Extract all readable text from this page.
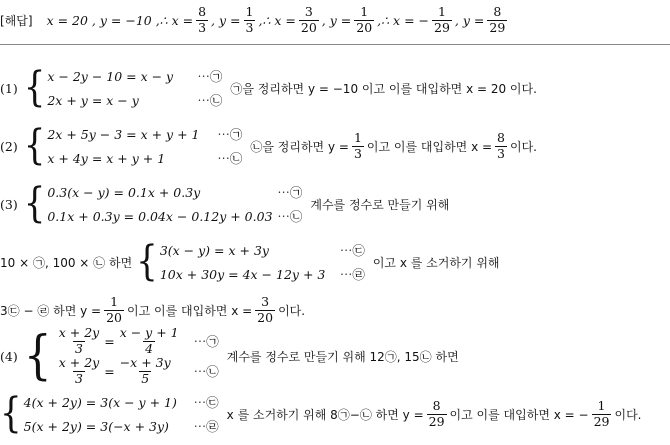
[해답] x = 20 , y = −10 ,∴ $x = \frac{8}{3}$ , $y = \frac{1}{3}$ ,∴ $x = \frac{3}{20}$ , $y = \frac{1}{20}$ ,∴ x = − $\frac{1}{29}$ , $y = \frac{8}{29}$
(1) { x − 2y − 10 = x − y	⋯㉠
2x + y = x − y	⋯㉡
㉠을 정리하면 y = −10 이고 이를 대입하면 x = 20 이다.
(2) { 2x + 5y − 3 = x + y + 1	⋯㉠
x + 4y = x + y + 1	⋯㉡
㉡을 정리하면 $y = \frac{1}{3}$ 이고 이를 대입하면 $x = \frac{8}{3}$ 이다.
(3) { 0.3(x − y) = 0.1x + 0.3y	⋯㉠
0.1x + 0.3y = 0.04x − 0.12y + 0.03 ⋯㉡
계수를 정수로 만들기 위해
10 × ㉠, 100 × ㉡ 하면 { 3(x − y) = x + 3y	⋯㉢
10x + 30y = 4x − 12y + 3	⋯㉣
이고 x 를 소거하기 위해
3㉢ − ㉣ 하면 $y = \frac{1}{20}$ 이고 이를 대입하면 $x = \frac{3}{20}$ 이다.
(4) { $\frac{x + 2y}{3} = \frac{x - y + 1}{4}$ ⋯㉠
$\frac{x + 2y}{3} = \frac{-x + 3y}{5}$ ⋯㉡
계수를 정수로 만들기 위해 12㉠, 15㉡ 하면
{ 4(x + 2y) = 3(x − y + 1)	⋯㉢
5(x + 2y) = 3(−x + 3y)	⋯㉣
x 를 소거하기 위해 8㉠−㉡ 하면 $y = \frac{8}{29}$ 이고 이를 대입하면 x = − $\frac{1}{29}$ 이다.
